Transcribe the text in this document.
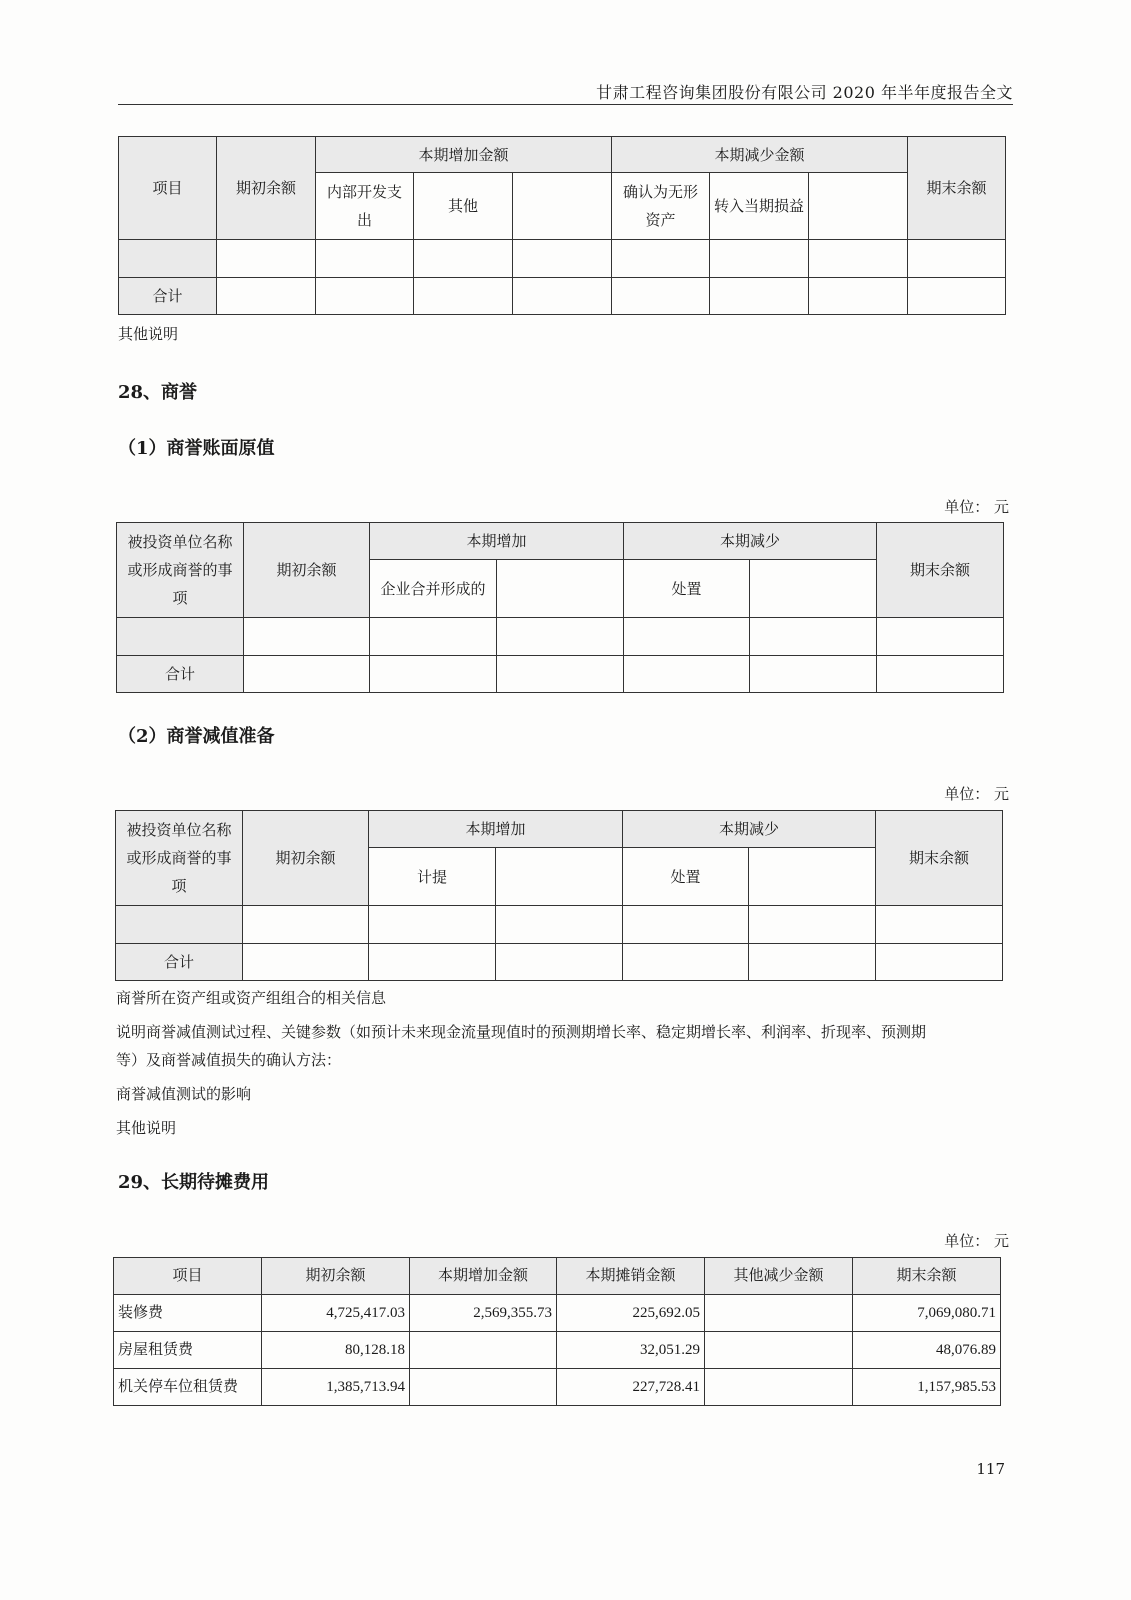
甘肃工程咨询集团股份有限公司 2020 年半年度报告全文
项目	期初余额	本期增加金额			本期减少金额			期末余额
		内部开发支出	其他		确认为无形资产	转入当期损益		

合计								
其他说明
28、商誉
（1）商誉账面原值
单位： 元
被投资单位名称或形成商誉的事项	期初余额	本期增加		本期减少		期末余额
		企业合并形成的		处置		

合计						
（2）商誉减值准备
单位： 元
被投资单位名称或形成商誉的事项	期初余额	本期增加		本期减少		期末余额
		计提		处置		

合计						
商誉所在资产组或资产组组合的相关信息
说明商誉减值测试过程、关键参数（如预计未来现金流量现值时的预测期增长率、稳定期增长率、利润率、折现率、预测期
等）及商誉减值损失的确认方法：
商誉减值测试的影响
其他说明
29、长期待摊费用
单位： 元
项目	期初余额	本期增加金额	本期摊销金额	其他减少金额	期末余额
装修费	4,725,417.03	2,569,355.73	225,692.05		7,069,080.71
房屋租赁费	80,128.18		32,051.29		48,076.89
机关停车位租赁费	1,385,713.94		227,728.41		1,157,985.53
117
